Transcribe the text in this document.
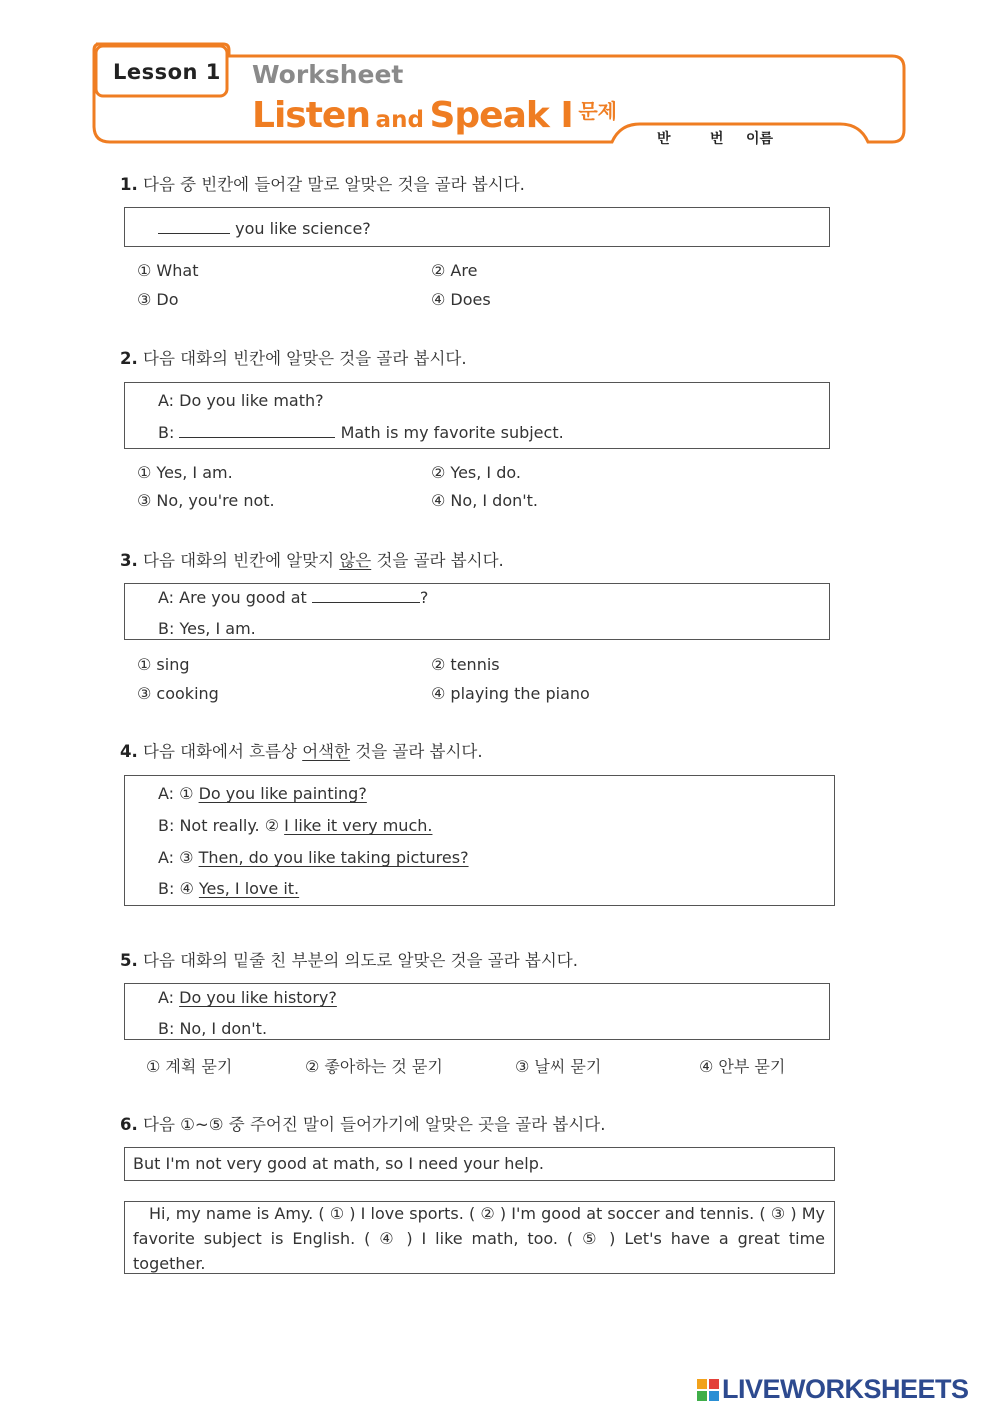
Lesson 1 Worksheet
Listen and Speak I 문제
반	번 이름
1. 다음 중 빈칸에 들어갈 말로 알맞은 것을 골라 봅시다.
you like science?
① What	② Are
③ Do	④ Does
2. 다음 대화의 빈칸에 알맞은 것을 골라 봅시다.
A: Do you like math?
B:	Math is my favorite subject.
① Yes, I am.	② Yes, I do.
③ No, you're not.	④ No, I don't.
3. 다음 대화의 빈칸에 알맞지 않은 것을 골라 봅시다.
A: Are you good at	?
B: Yes, I am.
① sing	② tennis
③ cooking	④ playing the piano
4. 다음 대화에서 흐름상 어색한 것을 골라 봅시다.
A: ① Do you like painting?
B: Not really. ② I like it very much.
A: ③ Then, do you like taking pictures?
B: ④ Yes, I love it.
5. 다음 대화의 밑줄 친 부분의 의도로 알맞은 것을 골라 봅시다.
A: Do you like history?
B: No, I don't.
① 계획 묻기	② 좋아하는 것 묻기	③ 날씨 묻기	④ 안부 묻기
6. 다음 ①~⑤ 중 주어진 말이 들어가기에 알맞은 곳을 골라 봅시다.
But I'm not very good at math, so I need your help.
Hi, my name is Amy. ( ① ) I love sports. ( ② ) I'm good at soccer and tennis. ( ③ ) My favorite subject is English. ( ④ ) I like math, too. ( ⑤ ) Let's have a great time together.
LIVEWORKSHEETS
